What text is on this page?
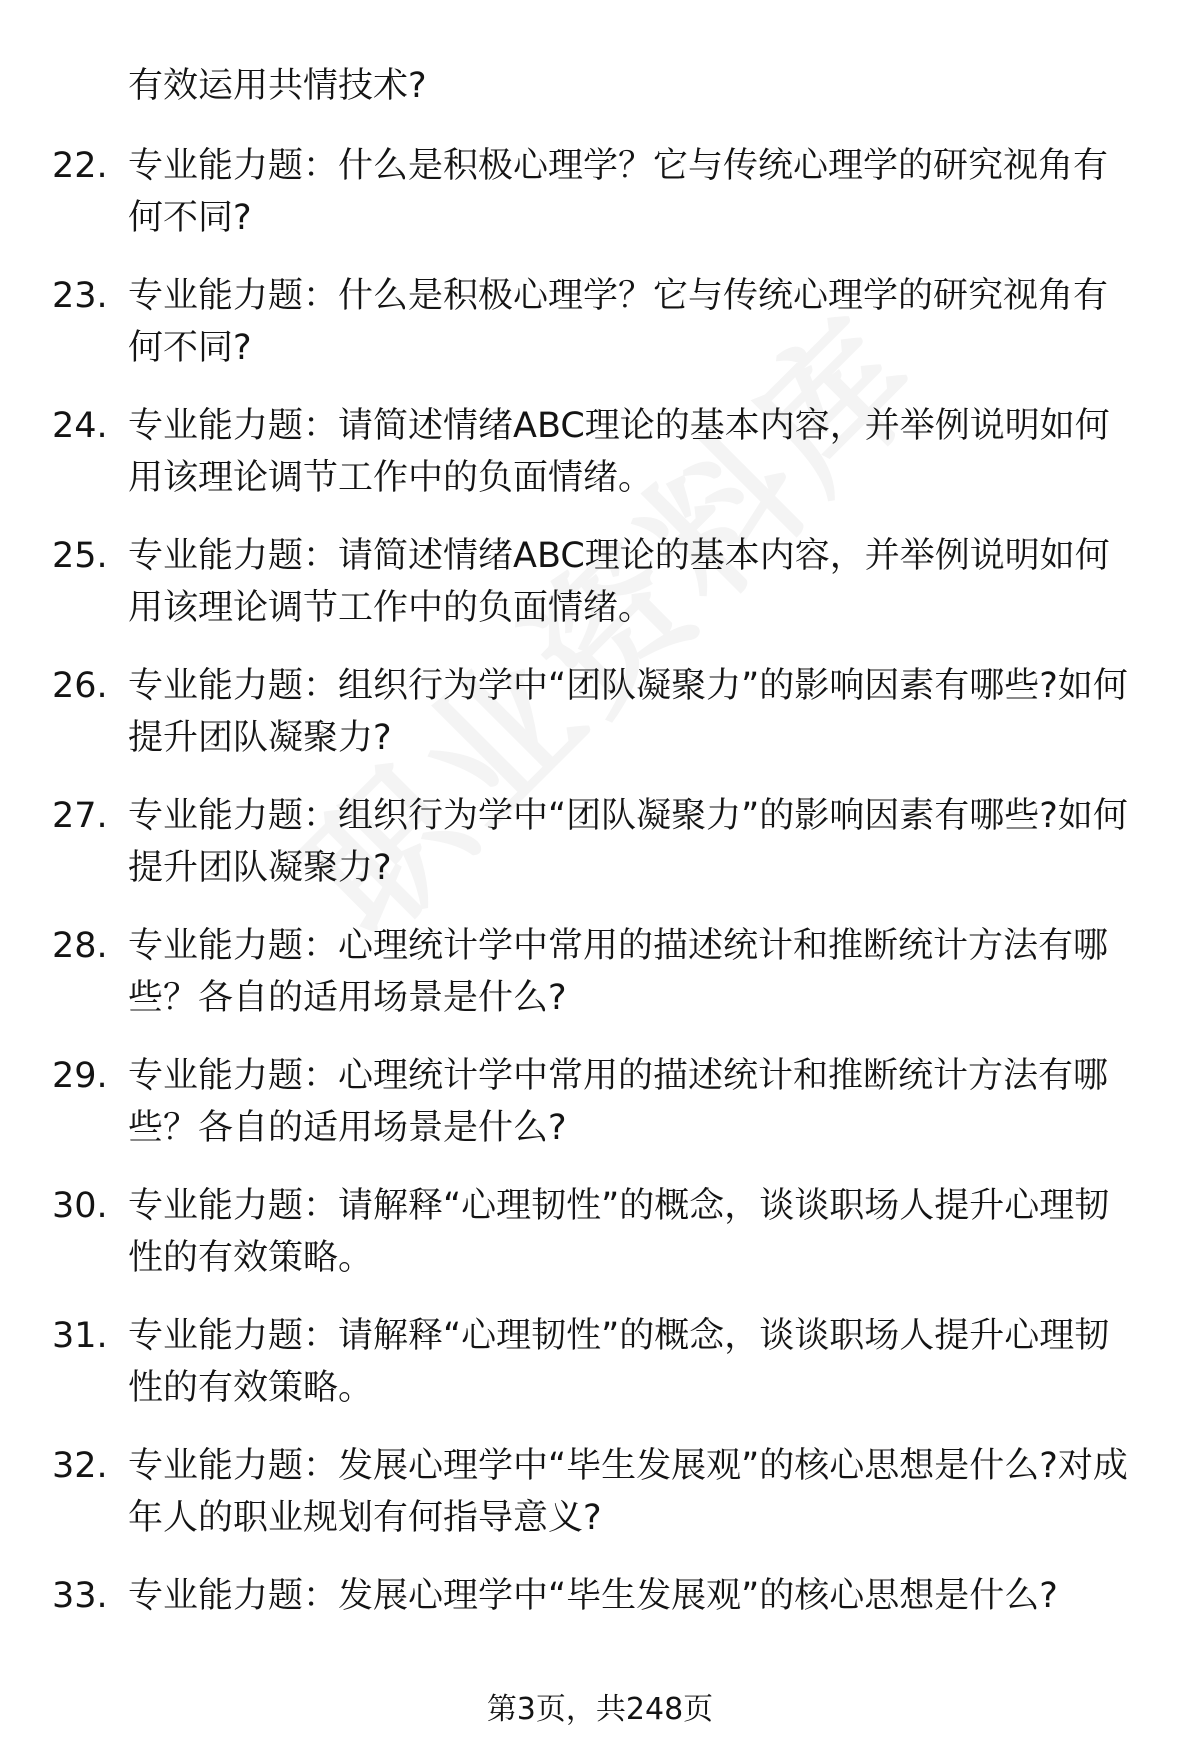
有效运用共情技术?
22. 专业能力题：什么是积极心理学？它与传统心理学的研究视角有何不同?
23. 专业能力题：什么是积极心理学？它与传统心理学的研究视角有何不同?
24. 专业能力题：请简述情绪ABC理论的基本内容，并举例说明如何用该理论调节工作中的负面情绪。
25. 专业能力题：请简述情绪ABC理论的基本内容，并举例说明如何用该理论调节工作中的负面情绪。
26. 专业能力题：组织行为学中“团队凝聚力”的影响因素有哪些?如何提升团队凝聚力?
27. 专业能力题：组织行为学中“团队凝聚力”的影响因素有哪些?如何提升团队凝聚力?
28. 专业能力题：心理统计学中常用的描述统计和推断统计方法有哪些？各自的适用场景是什么?
29. 专业能力题：心理统计学中常用的描述统计和推断统计方法有哪些？各自的适用场景是什么?
30. 专业能力题：请解释“心理韧性”的概念，谈谈职场人提升心理韧性的有效策略。
31. 专业能力题：请解释“心理韧性”的概念，谈谈职场人提升心理韧性的有效策略。
32. 专业能力题：发展心理学中“毕生发展观”的核心思想是什么?对成年人的职业规划有何指导意义?
33. 专业能力题：发展心理学中“毕生发展观”的核心思想是什么?
第3页，共248页
